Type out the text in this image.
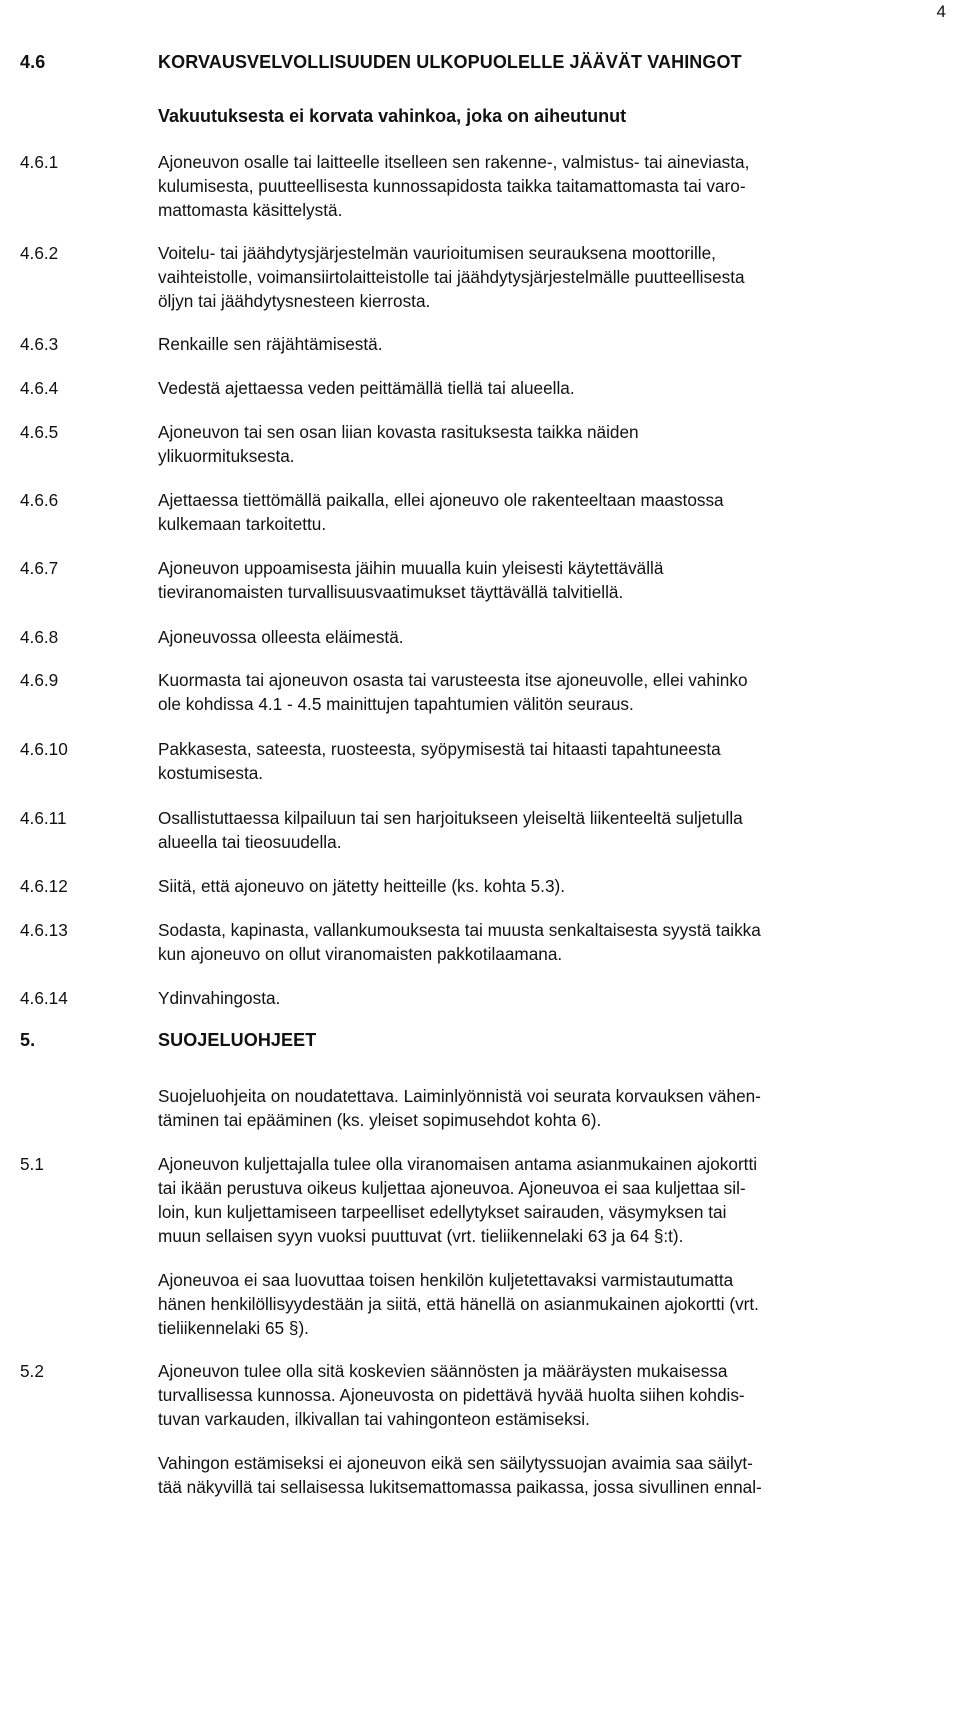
4
4.6	KORVAUSVELVOLLISUUDEN ULKOPUOLELLE JÄÄVÄT VAHINGOT
Vakuutuksesta ei korvata vahinkoa, joka on aiheutunut
4.6.1	Ajoneuvon osalle tai laitteelle itselleen sen rakenne-, valmistus- tai aineviasta,
kulumisesta, puutteellisesta kunnossapidosta taikka taitamattomasta tai varo-
mattomasta käsittelystä.
4.6.2	Voitelu- tai jäähdytysjärjestelmän vaurioitumisen seurauksena moottorille,
vaihteistolle, voimansiirtolaitteistolle tai jäähdytysjärjestelmälle puutteellisesta
öljyn tai jäähdytysnesteen kierrosta.
4.6.3	Renkaille sen räjähtämisestä.
4.6.4	Vedestä ajettaessa veden peittämällä tiellä tai alueella.
4.6.5	Ajoneuvon tai sen osan liian kovasta rasituksesta taikka näiden
ylikuormituksesta.
4.6.6	Ajettaessa tiettömällä paikalla, ellei ajoneuvo ole rakenteeltaan maastossa
kulkemaan tarkoitettu.
4.6.7	Ajoneuvon uppoamisesta jäihin muualla kuin yleisesti käytettävällä
tieviranomaisten turvallisuusvaatimukset täyttävällä talvitiellä.
4.6.8	Ajoneuvossa olleesta eläimestä.
4.6.9	Kuormasta tai ajoneuvon osasta tai varusteesta itse ajoneuvolle, ellei vahinko
ole kohdissa 4.1 - 4.5 mainittujen tapahtumien välitön seuraus.
4.6.10	Pakkasesta, sateesta, ruosteesta, syöpymisestä tai hitaasti tapahtuneesta
kostumisesta.
4.6.11	Osallistuttaessa kilpailuun tai sen harjoitukseen yleiseltä liikenteeltä suljetulla
alueella tai tieosuudella.
4.6.12	Siitä, että ajoneuvo on jätetty heitteille (ks. kohta 5.3).
4.6.13	Sodasta, kapinasta, vallankumouksesta tai muusta senkaltaisesta syystä taikka
kun ajoneuvo on ollut viranomaisten pakkotilaamana.
4.6.14	Ydinvahingosta.
5.	SUOJELUOHJEET
Suojeluohjeita on noudatettava. Laiminlyönnistä voi seurata korvauksen vähen-
täminen tai epääminen (ks. yleiset sopimusehdot kohta 6).
5.1	Ajoneuvon kuljettajalla tulee olla viranomaisen antama asianmukainen ajokortti
tai ikään perustuva oikeus kuljettaa ajoneuvoa. Ajoneuvoa ei saa kuljettaa sil-
loin, kun kuljettamiseen tarpeelliset edellytykset sairauden, väsymyksen tai
muun sellaisen syyn vuoksi puuttuvat (vrt. tieliikennelaki 63 ja 64 §:t).
Ajoneuvoa ei saa luovuttaa toisen henkilön kuljetettavaksi varmistautumatta
hänen henkilöllisyydestään ja siitä, että hänellä on asianmukainen ajokortti (vrt.
tieliikennelaki 65 §).
5.2	Ajoneuvon tulee olla sitä koskevien säännösten ja määräysten mukaisessa
turvallisessa kunnossa. Ajoneuvosta on pidettävä hyvää huolta siihen kohdis-
tuvan varkauden, ilkivallan tai vahingonteon estämiseksi.
Vahingon estämiseksi ei ajoneuvon eikä sen säilytyssuojan avaimia saa säilyt-
tää näkyvillä tai sellaisessa lukitsemattomassa paikassa, jossa sivullinen ennal-
